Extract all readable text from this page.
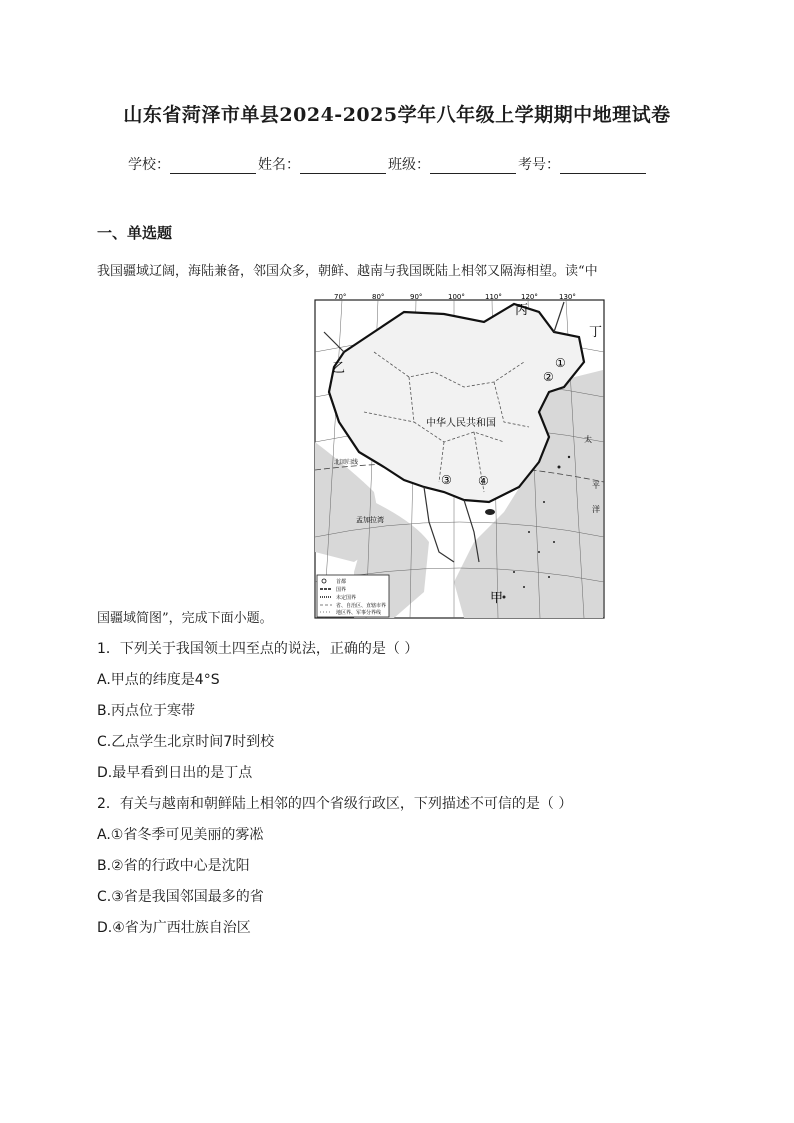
山东省菏泽市单县2024-2025学年八年级上学期期中地理试卷
学校：	姓名：	班级：	考号：
一、单选题
我国疆域辽阔，海陆兼备，邻国众多，朝鲜、越南与我国既陆上相邻又隔海相望。读“中
70°	80°	90°	100°	110°	120°	130°
丙
丁
乙
甲
①
②
③ ④
中华人民共和国
北回归线
孟加拉湾
太
平
洋
首都
国界
未定国界
省、自治区、直辖市界
地区界、军事分界线
国疆域简图”，完成下面小题。
1．下列关于我国领土四至点的说法，正确的是（ ）
A.甲点的纬度是4°S
B.丙点位于寒带
C.乙点学生北京时间7时到校
D.最早看到日出的是丁点
2．有关与越南和朝鲜陆上相邻的四个省级行政区，下列描述不可信的是（ ）
A.①省冬季可见美丽的雾凇
B.②省的行政中心是沈阳
C.③省是我国邻国最多的省
D.④省为广西壮族自治区
